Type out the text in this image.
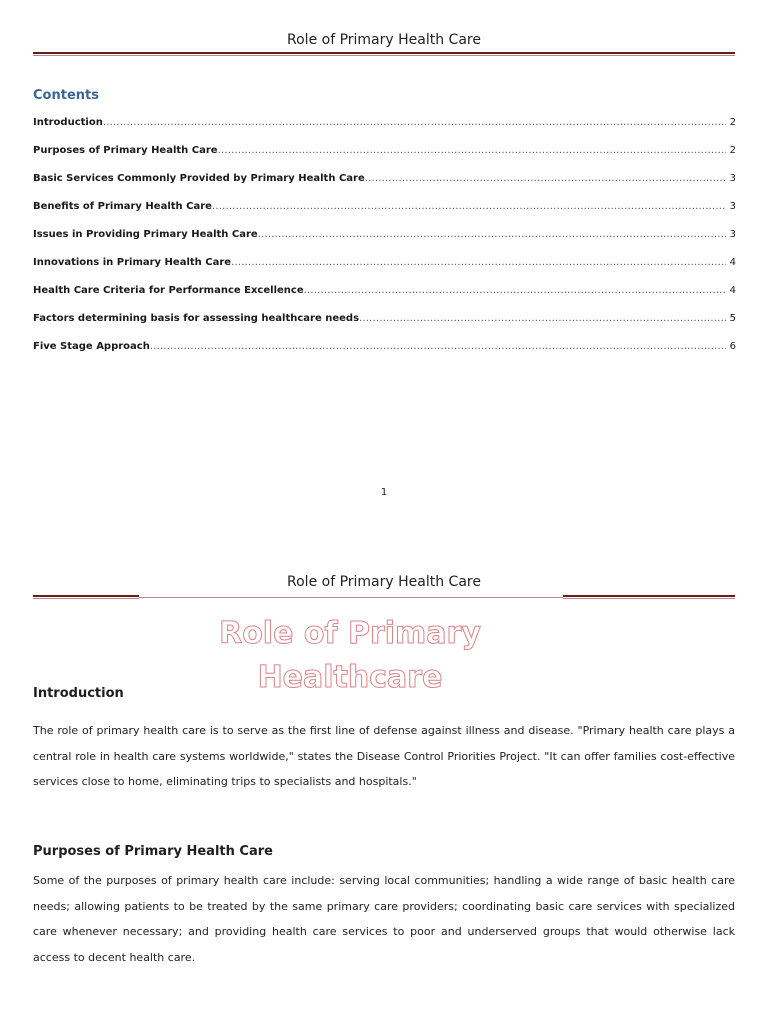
Role of Primary Health Care
Contents
Introduction .....	2
Purposes of Primary Health Care .....	2
Basic Services Commonly Provided by Primary Health Care .....	3
Benefits of Primary Health Care .....	3
Issues in Providing Primary Health Care .....	3
Innovations in Primary Health Care .....	4
Health Care Criteria for Performance Excellence .....	4
Factors determining basis for assessing healthcare needs .....	5
Five Stage Approach .....	6
1
Role of Primary Health Care
Role of Primary
Healthcare
Introduction

The role of primary health care is to serve as the first line of defense against illness and disease. "Primary health care plays a central role in health care systems worldwide," states the Disease Control Priorities Project. "It can offer families cost-effective services close to home, eliminating trips to specialists and hospitals."

Purposes of Primary Health Care

Some of the purposes of primary health care include: serving local communities; handling a wide range of basic health care needs; allowing patients to be treated by the same primary care providers; coordinating basic care services with specialized care whenever necessary; and providing health care services to poor and underserved groups that would otherwise lack access to decent health care.
